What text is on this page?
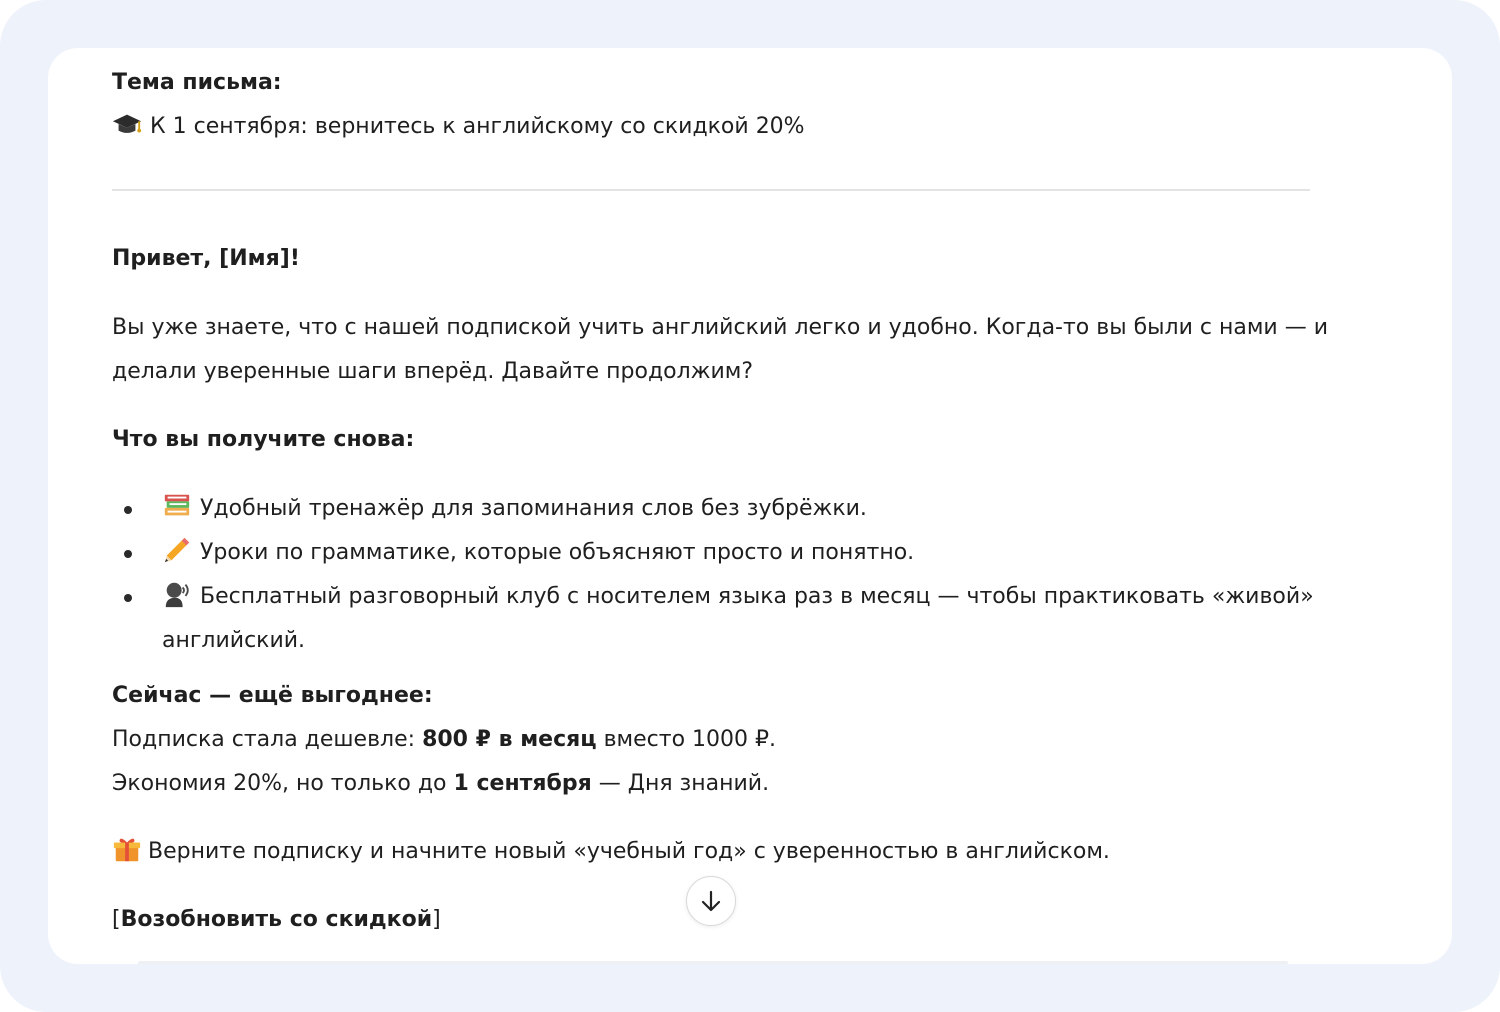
Тема письма:
К 1 сентября: вернитесь к английскому со скидкой 20%
Привет, [Имя]!
Вы уже знаете, что с нашей подпиской учить английский легко и удобно. Когда-то вы были с нами — и
делали уверенные шаги вперёд. Давайте продолжим?
Что вы получите снова:
Удобный тренажёр для запоминания слов без зубрёжки.
Уроки по грамматике, которые объясняют просто и понятно.
Бесплатный разговорный клуб с носителем языка раз в месяц — чтобы практиковать «живой»
английский.
Сейчас — ещё выгоднее:
Подписка стала дешевле: 800 ₽ в месяц вместо 1000 ₽.
Экономия 20%, но только до 1 сентября — Дня знаний.
Верните подписку и начните новый «учебный год» с уверенностью в английском.
[Возобновить со скидкой]
